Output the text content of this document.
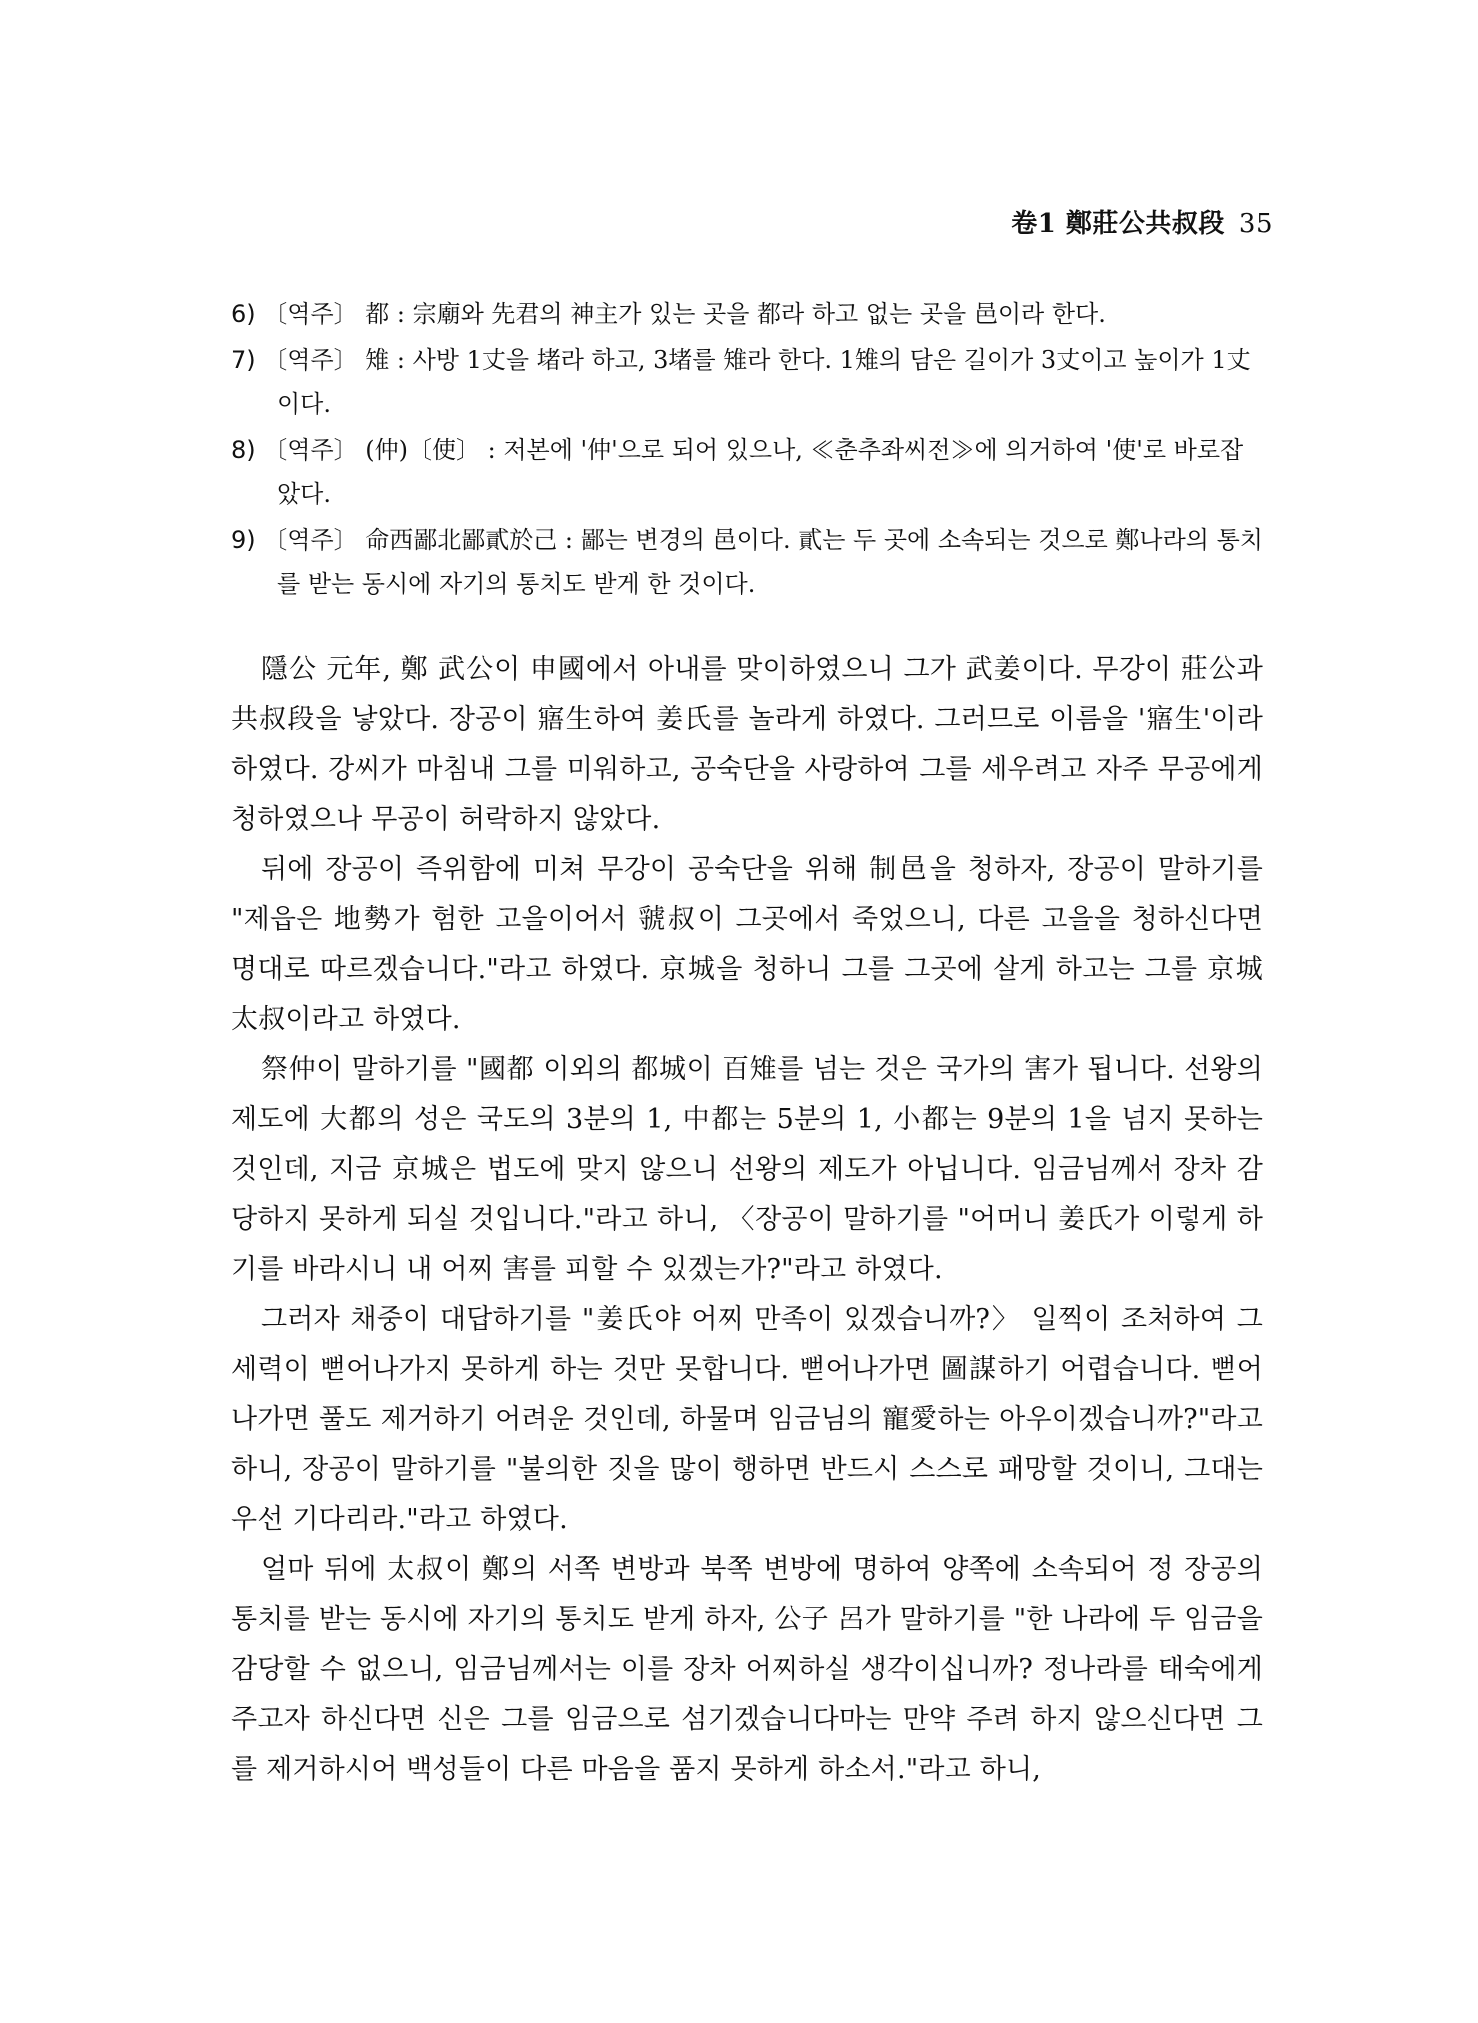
卷1 鄭莊公共叔段 35

6) 〔역주〕 都 : 宗廟와 先君의 神主가 있는 곳을 都라 하고 없는 곳을 邑이라 한다.

7) 〔역주〕 雉 : 사방 1丈을 堵라 하고, 3堵를 雉라 한다. 1雉의 담은 길이가 3丈이고 높이가 1丈이다.

8) 〔역주〕 (仲)〔使〕 : 저본에 '仲'으로 되어 있으나, ≪춘추좌씨전≫에 의거하여 '使'로 바로잡았다.

9) 〔역주〕 命西鄙北鄙貳於己 : 鄙는 변경의 邑이다. 貳는 두 곳에 소속되는 것으로 鄭나라의 통치를 받는 동시에 자기의 통치도 받게 한 것이다.

隱公 元年, 鄭 武公이 申國에서 아내를 맞이하였으니 그가 武姜이다. 무강이 莊公과 共叔段을 낳았다. 장공이 寤生하여 姜氏를 놀라게 하였다. 그러므로 이름을 '寤生'이라 하였다. 강씨가 마침내 그를 미워하고, 공숙단을 사랑하여 그를 세우려고 자주 무공에게 청하였으나 무공이 허락하지 않았다.

뒤에 장공이 즉위함에 미쳐 무강이 공숙단을 위해 制邑을 청하자, 장공이 말하기를 "제읍은 地勢가 험한 고을이어서 虢叔이 그곳에서 죽었으니, 다른 고을을 청하신다면 명대로 따르겠습니다."라고 하였다. 京城을 청하니 그를 그곳에 살게 하고는 그를 京城太叔이라고 하였다.

祭仲이 말하기를 "國都 이외의 都城이 百雉를 넘는 것은 국가의 害가 됩니다. 선왕의 제도에 大都의 성은 국도의 3분의 1, 中都는 5분의 1, 小都는 9분의 1을 넘지 못하는 것인데, 지금 京城은 법도에 맞지 않으니 선왕의 제도가 아닙니다. 임금님께서 장차 감당하지 못하게 되실 것입니다."라고 하니, 〈장공이 말하기를 "어머니 姜氏가 이렇게 하기를 바라시니 내 어찌 害를 피할 수 있겠는가?"라고 하였다.

그러자 채중이 대답하기를 "姜氏야 어찌 만족이 있겠습니까?〉 일찍이 조처하여 그 세력이 뻗어나가지 못하게 하는 것만 못합니다. 뻗어나가면 圖謀하기 어렵습니다. 뻗어나가면 풀도 제거하기 어려운 것인데, 하물며 임금님의 寵愛하는 아우이겠습니까?"라고 하니, 장공이 말하기를 "불의한 짓을 많이 행하면 반드시 스스로 패망할 것이니, 그대는 우선 기다리라."라고 하였다.

얼마 뒤에 太叔이 鄭의 서쪽 변방과 북쪽 변방에 명하여 양쪽에 소속되어 정 장공의 통치를 받는 동시에 자기의 통치도 받게 하자, 公子 呂가 말하기를 "한 나라에 두 임금을 감당할 수 없으니, 임금님께서는 이를 장차 어찌하실 생각이십니까? 정나라를 태숙에게 주고자 하신다면 신은 그를 임금으로 섬기겠습니다마는 만약 주려 하지 않으신다면 그를 제거하시어 백성들이 다른 마음을 품지 못하게 하소서."라고 하니,
